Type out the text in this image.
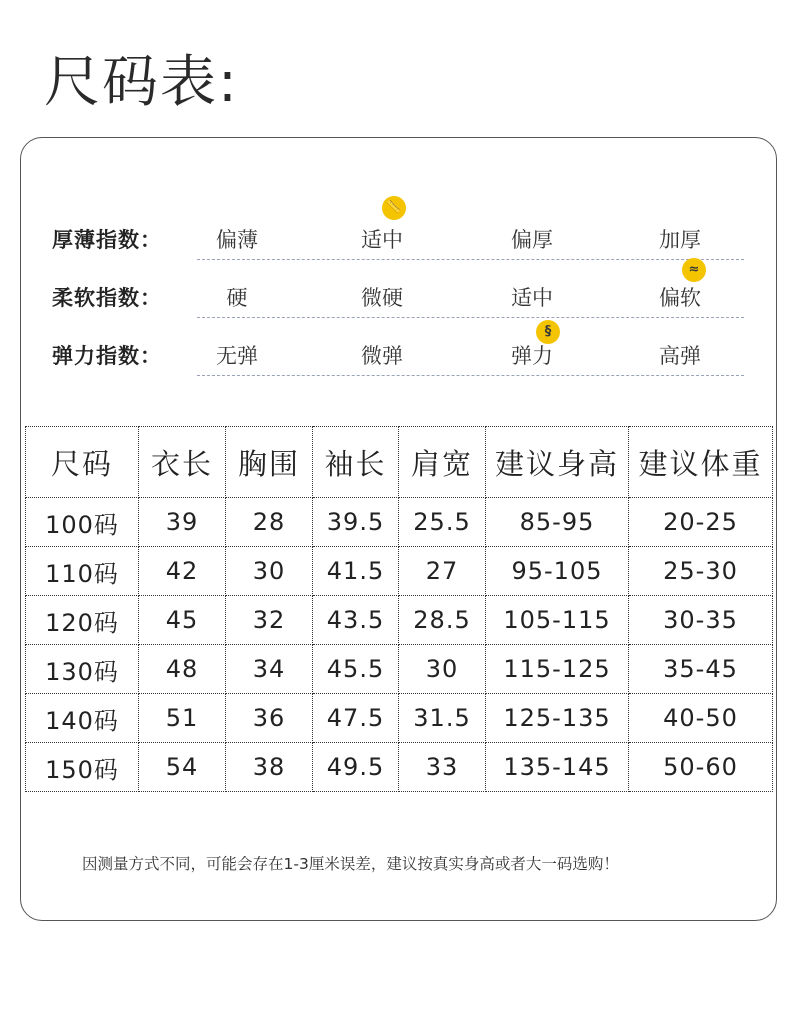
尺码表:
厚薄指数：	偏薄	适中	偏厚	加厚
📏
柔软指数：	硬	微硬	适中	偏软
≈
弹力指数：	无弹	微弹	弹力	高弹
§
尺码	衣长	胸围	袖长	肩宽	建议身高	建议体重
100码	39	28	39.5	25.5	85-95	20-25
110码	42	30	41.5	27	95-105	25-30
120码	45	32	43.5	28.5	105-115	30-35
130码	48	34	45.5	30	115-125	35-45
140码	51	36	47.5	31.5	125-135	40-50
150码	54	38	49.5	33	135-145	50-60
因测量方式不同，可能会存在1-3厘米误差，建议按真实身高或者大一码选购！
